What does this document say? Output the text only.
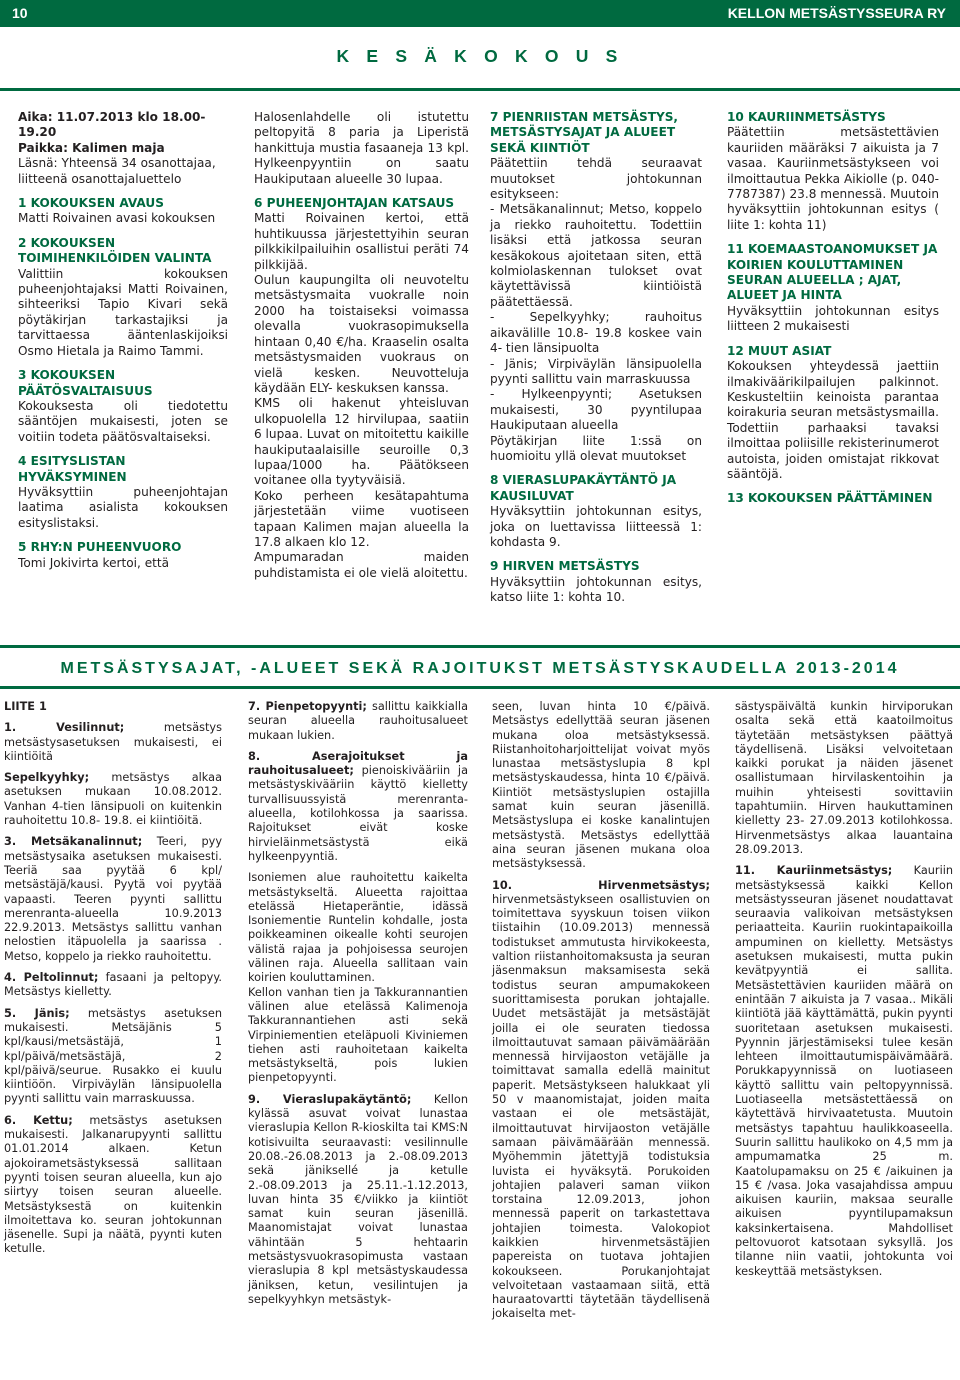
10	KELLON METSÄSTYSSEURA RY
K E S Ä K O K O U S

Aika: 11.07.2013 klo 18.00-19.20

Paikka: Kalimen maja

Läsnä: Yhteensä 34 osanottajaa, liitteenä osanottajaluettelo

1 KOKOUKSEN AVAUS

Matti Roivainen avasi kokouksen

2 KOKOUKSEN TOIMIHENKILÖIDEN VALINTA

Valittiin kokouksen puheenjohtajaksi Matti Roivainen, sihteeriksi Tapio Kivari sekä pöytäkirjan tarkastajiksi ja tarvittaessa ääntenlaskijoiksi Osmo Hietala ja Raimo Tammi.

3 KOKOUKSEN PÄÄTÖSVALTAISUUS

Kokouksesta oli tiedotettu sääntöjen mukaisesti, joten se voitiin todeta päätösvaltaiseksi.

4 ESITYSLISTAN HYVÄKSYMINEN

Hyväksyttiin puheenjohtajan laatima asialista kokouksen esityslistaksi.

5 RHY:N PUHEENVUORO

Tomi Jokivirta kertoi, että

Halosenlahdelle oli istutettu peltopyitä 8 paria ja Liperistä hankittuja mustia fasaaneja 13 kpl. Hylkeenpyyntiin on saatu Haukiputaan alueelle 30 lupaa.

6 PUHEENJOHTAJAN KATSAUS

Matti Roivainen kertoi, että huhtikuussa järjestettyihin seuran pilkkikilpailuihin osallistui peräti 74 pilkkijää.

Oulun kaupungilta oli neuvoteltu metsästysmaita vuokralle noin 2000 ha toistaiseksi voimassa olevalla vuokrasopimuksella hintaan 0,40 €/ha. Kraaselin osalta metsästysmaiden vuokraus on vielä kesken. Neuvotteluja käydään ELY- keskuksen kanssa.

KMS oli hakenut yhteisluvan ulkopuolella 12 hirvilupaa, saatiin 6 lupaa. Luvat on mitoitettu kaikille haukiputaalaisille seuroille 0,3 lupaa/1000 ha. Päätökseen voitanee olla tyytyväisiä.

Koko perheen kesätapahtuma järjestetään viime vuotiseen tapaan Kalimen majan alueella la 17.8 alkaen klo 12.

Ampumaradan maiden puhdistamista ei ole vielä aloitettu.

7 PIENRIISTAN METSÄSTYS, METSÄSTYSAJAT JA ALUEET SEKÄ KIINTIÖT

Päätettiin tehdä seuraavat muutokset johtokunnan esitykseen:

- Metsäkanalinnut; Metso, koppelo ja riekko rauhoitettu. Todettiin lisäksi että jatkossa seuran kesäkokous ajoitetaan siten, että kolmiolaskennan tulokset ovat käytettävissä kiintiöistä päätettäessä.

- Sepelkyyhky; rauhoitus aikavälille 10.8- 19.8 koskee vain 4- tien länsipuolta

- Jänis; Virpiväylän länsipuolella pyynti sallittu vain marraskuussa

- Hylkeenpyynti; Asetuksen mukaisesti, 30 pyyntilupaa Haukiputaan alueella

Pöytäkirjan liite 1:ssä on huomioitu yllä olevat muutokset

8 VIERASLUPAKÄYTÄNTÖ JA KAUSILUVAT

Hyväksyttiin johtokunnan esitys, joka on luettavissa liitteessä 1: kohdasta 9.

9 HIRVEN METSÄSTYS

Hyväksyttiin johtokunnan esitys, katso liite 1: kohta 10.

10 KAURIINMETSÄSTYS

Päätettiin metsästettävien kauriiden määräksi 7 aikuista ja 7 vasaa. Kauriinmetsästykseen voi ilmoittautua Pekka Aikiolle (p. 040-7787387) 23.8 mennessä. Muutoin hyväksyttiin johtokunnan esitys ( liite 1: kohta 11)

11 KOEMAASTOANOMUKSET JA KOIRIEN KOULUTTAMINEN SEURAN ALUEELLA ; AJAT, ALUEET JA HINTA

Hyväksyttiin johtokunnan esitys liitteen 2 mukaisesti

12 MUUT ASIAT

Kokouksen yhteydessä jaettiin ilmakiväärikilpailujen palkinnot. Keskusteltiin keinoista parantaa koirakuria seuran metsästysmailla. Todettiin parhaaksi tavaksi ilmoittaa poliisille rekisterinumerot autoista, joiden omistajat rikkovat sääntöjä.

13 KOKOUKSEN PÄÄTTÄMINEN

METSÄSTYSAJAT, -ALUEET SEKÄ RAJOITUKST METSÄSTYSKAUDELLA 2013-2014

LIITE 1

1. Vesilinnut; metsästys metsästysasetuksen mukaisesti, ei kiintiöitä

Sepelkyyhky; metsästys alkaa asetuksen mukaan 10.08.2012. Vanhan 4-tien länsipuoli on kuitenkin rauhoitettu 10.8- 19.8. ei kiintiöitä.

3. Metsäkanalinnut; Teeri, pyy metsästysaika asetuksen mukaisesti. Teeriä saa pyytää 6 kpl/ metsästäjä/kausi. Pyytä voi pyytää vapaasti. Teeren pyynti sallittu merenranta-alueella 10.9.2013 22.9.2013. Metsästys sallittu vanhan nelostien itäpuolella ja saarissa . Metso, koppelo ja riekko rauhoitettu.

4. Peltolinnut; fasaani ja peltopyy. Metsästys kielletty.

5. Jänis; metsästys asetuksen mukaisesti. Metsäjänis 5 kpl/kausi/metsästäjä, 1 kpl/päivä/metsästäjä, 2 kpl/päivä/seurue. Rusakko ei kuulu kiintiöön. Virpiväylän länsipuolella pyynti sallittu vain marraskuussa.

6. Kettu; metsästys asetuksen mukaisesti. Jalkanarupyynti sallittu 01.01.2014 alkaen. Ketun ajokoirametsästyksessä sallitaan pyynti toisen seuran alueella, kun ajo siirtyy toisen seuran alueelle. Metsästyksestä on kuitenkin ilmoitettava ko. seuran johtokunnan jäsenelle. Supi ja näätä, pyynti kuten ketulle.

7. Pienpetopyynti; sallittu kaikkialla seuran alueella rauhoitusalueet mukaan lukien.

8. Aserajoitukset ja rauhoitusalueet; pienoiskivääriin ja metsästyskivääriin käyttö kielletty turvallisuussyistä merenranta-alueella, kotilohkossa ja saarissa. Rajoitukset eivät koske hirvieläinmetsästystä eikä hylkeenpyyntiä.

Isoniemen alue rauhoitettu kaikelta metsästykseltä. Alueetta rajoittaa etelässä Hietaperäntie, idässä Isoniementie Runtelin kohdalle, josta poikkeaminen oikealle kohti seurojen välistä rajaa ja pohjoisessa seurojen välinen raja. Alueella sallitaan vain koirien kouluttaminen.

Kellon vanhan tien ja Takkurannantien välinen alue etelässä Kalimenoja Takkurannantiehen asti sekä Virpiniementien eteläpuoli Kiviniemen tiehen asti rauhoitetaan kaikelta metsästykseltä, pois lukien pienpetopyynti.

9. Vieraslupakäytäntö; Kellon kylässä asuvat voivat lunastaa vieraslupia Kellon R-kioskilta tai KMS:N kotisivuilta seuraavasti: vesilinnulle 20.08.-26.08.2013 ja 2.-08.09.2013 sekä jäniksellé ja ketulle 2.-08.09.2013 ja 25.11.-1.12.2013, luvan hinta 35 €/viikko ja kiintiöt samat kuin seuran jäsenillä. Maanomistajat voivat lunastaa vähintään 5 hehtaarin metsästysvuokrasopimusta vastaan vieraslupia 8 kpl metsästyskaudessa jäniksen, ketun, vesilintujen ja sepelkyyhkyn metsästyk-

seen, luvan hinta 10 €/päivä. Metsästys edellyttää seuran jäsenen mukana oloa metsästyksessä. Riistanhoitoharjoittelijat voivat myös lunastaa metsästyslupia 8 kpl metsästyskaudessa, hinta 10 €/päivä. Kiintiöt metsästyslupien ostajilla samat kuin seuran jäsenillä. Metsästyslupa ei koske kanalintujen metsästystä. Metsästys edellyttää aina seuran jäsenen mukana oloa metsästyksessä.

10. Hirvenmetsästys; hirvenmetsästykseen osallistuvien on toimitettava syyskuun toisen viikon tiistaihin (10.09.2013) mennessä todistukset ammutusta hirvikokeesta, valtion riistanhoitomaksusta ja seuran jäsenmaksun maksamisesta sekä todistus seuran ampumakokeen suorittamisesta porukan johtajalle. Uudet metsästäjät ja metsästäjät joilla ei ole seuraten tiedossa ilmoittautuvat samaan päivämäärään mennessä hirvijaoston vetäjälle ja toimittavat samalla edellä mainitut paperit. Metsästykseen halukkaat yli 50 v maanomistajat, joiden maita vastaan ei ole metsästäjät, ilmoittautuvat hirvijaoston vetäjälle samaan päivämäärään mennessä. Myöhemmin jätettyjä todistuksia luvista ei hyväksytä. Porukoiden johtajien palaveri saman viikon torstaina 12.09.2013, johon mennessä paperit on tarkastettava johtajien toimesta. Valokopiot kaikkien hirvenmetsästäjien papereista on tuotava johtajien kokoukseen. Porukanjohtajat velvoitetaan vastaamaan siitä, että hauraatovartti täytetään täydellisenä jokaiselta met-

sästyspäivältä kunkin hirviporukan osalta sekä että kaatoilmoitus täytetään metsästyksen päättyä täydellisenä. Lisäksi velvoitetaan kaikki porukat ja näiden jäsenet osallistumaan hirvilaskentoihin ja muihin yhteisesti sovittaviin tapahtumiin. Hirven haukuttaminen kielletty 23- 27.09.2013 kotilohkossa. Hirvenmetsästys alkaa lauantaina 28.09.2013.

11. Kauriinmetsästys; Kauriin metsästyksessä kaikki Kellon metsästysseuran jäsenet noudattavat seuraavia valikoivan metsästyksen periaatteita. Kauriin ruokintapaikoilla ampuminen on kielletty. Metsästys asetuksen mukaisesti, mutta pukin kevätpyyntiä ei sallita. Metsästettävien kauriiden määrä on enintään 7 aikuista ja 7 vasaa.. Mikäli kiintiötä jää käyttämättä, pukin pyynti suoritetaan asetuksen mukaisesti. Pyynnin järjestämiseksi tulee kesän lehteen ilmoittautumispäivämäärä. Porukkapyynnissä on luotiaseen käyttö sallittu vain peltopyynnissä. Luotiaseella metsästettäessä on käytettävä hirvivaatetusta. Muutoin metsästys tapahtuu haulikkoaseella. Suurin sallittu haulikoko on 4,5 mm ja ampumamatka 25 m. Kaatolupamaksu on 25 € /aikuinen ja 15 € /vasa. Joka vasajahdissa ampuu aikuisen kauriin, maksaa seuralle aikuisen pyyntilupamaksun kaksinkertaisena. Mahdolliset peltovuorot katsotaan syksyllä. Jos tilanne niin vaatii, johtokunta voi keskeyttää metsästyksen.
